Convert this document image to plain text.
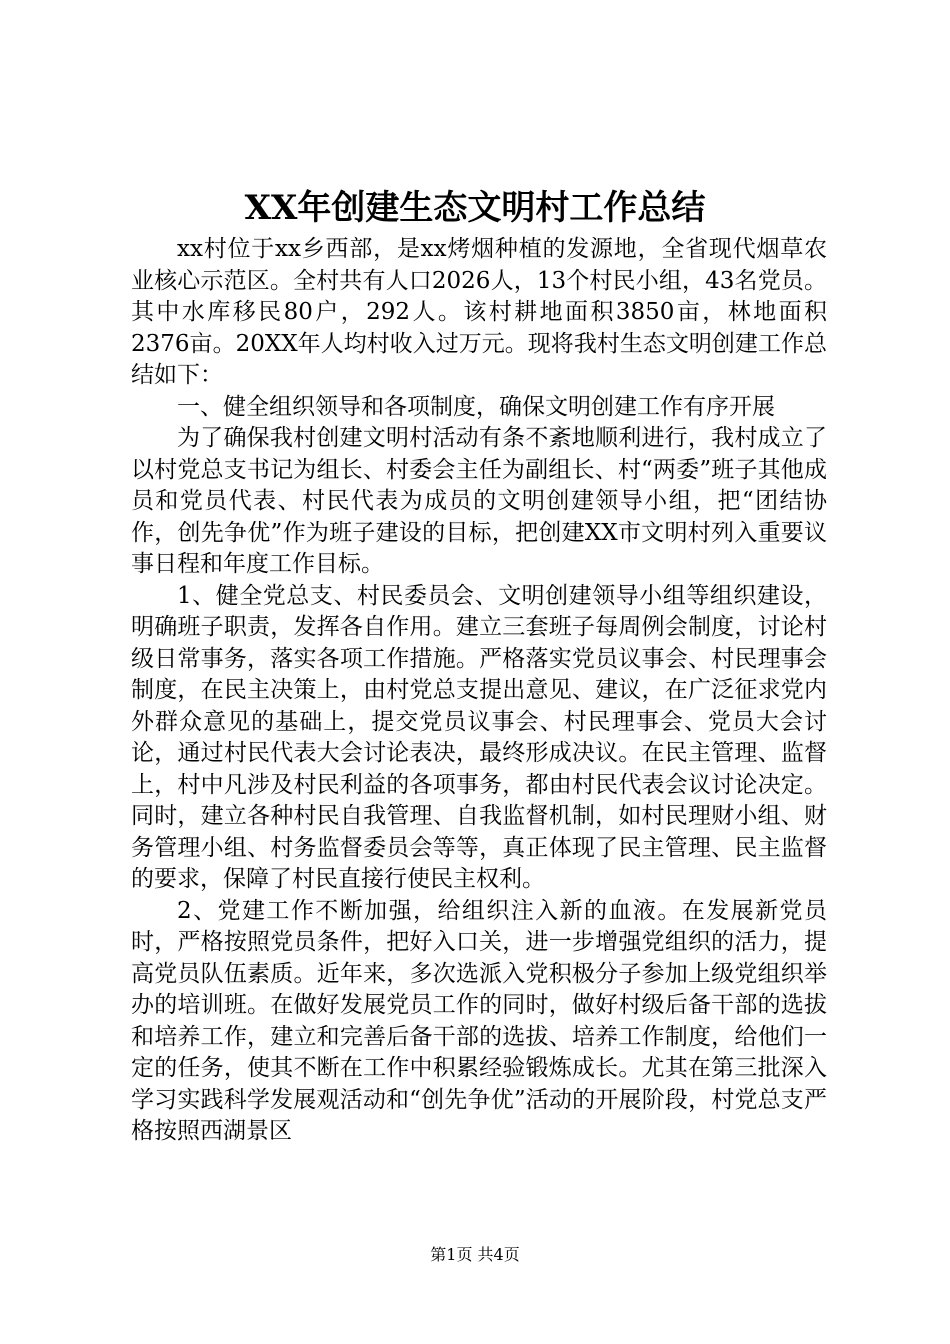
XX年创建生态文明村工作总结

xx村位于xx乡西部，是xx烤烟种植的发源地，全省现代烟草农业核心示范区。全村共有人口2026人，13个村民小组，43名党员。其中水库移民80户，292人。该村耕地面积3850亩，林地面积2376亩。20XX年人均村收入过万元。现将我村生态文明创建工作总结如下：

一、健全组织领导和各项制度，确保文明创建工作有序开展

为了确保我村创建文明村活动有条不紊地顺利进行，我村成立了以村党总支书记为组长、村委会主任为副组长、村“两委”班子其他成员和党员代表、村民代表为成员的文明创建领导小组，把“团结协作，创先争优”作为班子建设的目标，把创建XX市文明村列入重要议事日程和年度工作目标。

1、健全党总支、村民委员会、文明创建领导小组等组织建设，明确班子职责，发挥各自作用。建立三套班子每周例会制度，讨论村级日常事务，落实各项工作措施。严格落实党员议事会、村民理事会制度，在民主决策上，由村党总支提出意见、建议，在广泛征求党内外群众意见的基础上，提交党员议事会、村民理事会、党员大会讨论，通过村民代表大会讨论表决，最终形成决议。在民主管理、监督上，村中凡涉及村民利益的各项事务，都由村民代表会议讨论决定。同时，建立各种村民自我管理、自我监督机制，如村民理财小组、财务管理小组、村务监督委员会等等，真正体现了民主管理、民主监督的要求，保障了村民直接行使民主权利。

2、党建工作不断加强，给组织注入新的血液。在发展新党员时，严格按照党员条件，把好入口关，进一步增强党组织的活力，提高党员队伍素质。近年来，多次选派入党积极分子参加上级党组织举办的培训班。在做好发展党员工作的同时，做好村级后备干部的选拔和培养工作，建立和完善后备干部的选拔、培养工作制度，给他们一定的任务，使其不断在工作中积累经验锻炼成长。尤其在第三批深入学习实践科学发展观活动和“创先争优”活动的开展阶段，村党总支严格按照西湖景区

第1页 共4页
